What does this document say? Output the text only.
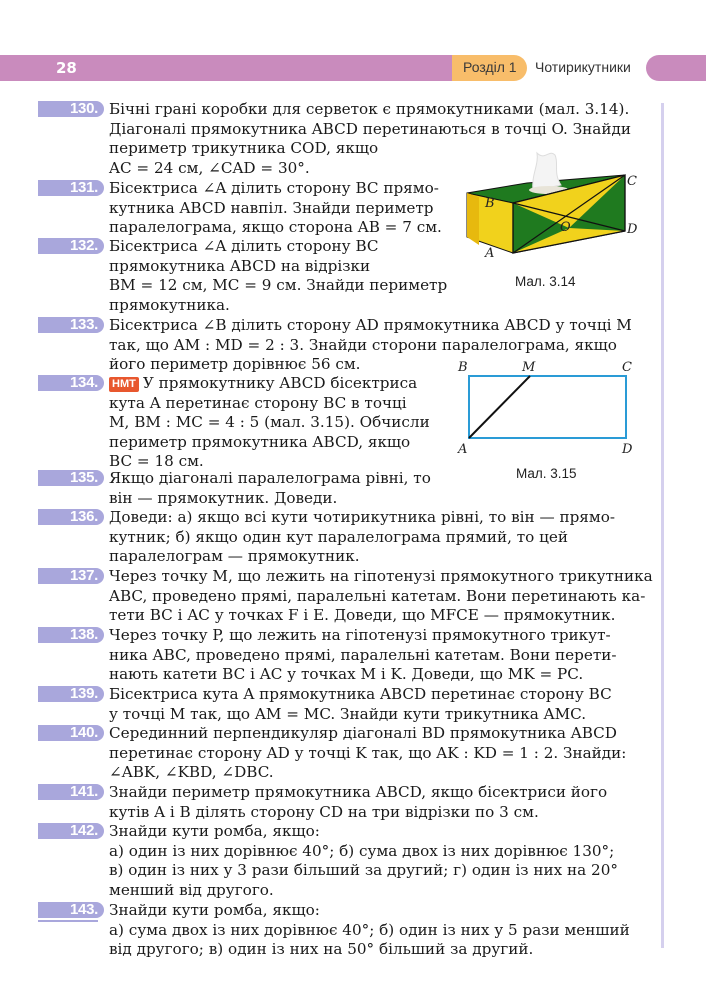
28	Розділ 1 Чотирикутники
130. Бічні грані коробки для серветок є прямокутниками (мал. 3.14).
Діагоналі прямокутника ABCD перетинаються в точці O. Знайди
периметр трикутника COD, якщо
AC = 24 см, ∠CAD = 30°.
131. Бісектриса ∠A ділить сторону BC прямо-
кутника ABCD навпіл. Знайди периметр
паралелограма, якщо сторона AB = 7 см.
132. Бісектриса ∠A ділить сторону BC
прямокутника ABCD на відрізки
BM = 12 см, MC = 9 см. Знайди периметр
прямокутника.
133. Бісектриса ∠B ділить сторону AD прямокутника ABCD у точці M
так, що AM : MD = 2 : 3. Знайди сторони паралелограма, якщо
його периметр дорівнює 56 см.
134. НМТ У прямокутнику ABCD бісектриса
кута A перетинає сторону BC в точці
M, BM : MC = 4 : 5 (мал. 3.15). Обчисли
периметр прямокутника ABCD, якщо
BC = 18 см.
135. Якщо діагоналі паралелограма рівні, то
він — прямокутник. Доведи.
136. Доведи: а) якщо всі кути чотирикутника рівні, то він — прямо-
кутник; б) якщо один кут паралелограма прямий, то цей
паралелограм — прямокутник.
137. Через точку M, що лежить на гіпотенузі прямокутного трикутника
ABC, проведено прямі, паралельні катетам. Вони перетинають ка-
тети BC і AC у точках F і E. Доведи, що MFCE — прямокутник.
138. Через точку P, що лежить на гіпотенузі прямокутного трикут-
ника ABC, проведено прямі, паралельні катетам. Вони перети-
нають катети BC і AC у точках M і K. Доведи, що MK = PC.
139. Бісектриса кута A прямокутника ABCD перетинає сторону BC
у точці M так, що AM = MC. Знайди кути трикутника AMC.
140. Серединний перпендикуляр діагоналі BD прямокутника ABCD
перетинає сторону AD у точці K так, що AK : KD = 1 : 2. Знайди:
∠ABK, ∠KBD, ∠DBC.
141. Знайди периметр прямокутника ABCD, якщо бісектриси його
кутів A і B ділять сторону CD на три відрізки по 3 см.
142. Знайди кути ромба, якщо:
а) один із них дорівнює 40°; б) сума двох із них дорівнює 130°;
в) один із них у 3 рази більший за другий; г) один із них на 20°
менший від другого.
143. Знайди кути ромба, якщо:
а) сума двох із них дорівнює 40°; б) один із них у 5 рази менший
від другого; в) один із них на 50° більший за другий.
A
B
C
D
O
Мал. 3.14
B	M	C
A	D
Мал. 3.15
